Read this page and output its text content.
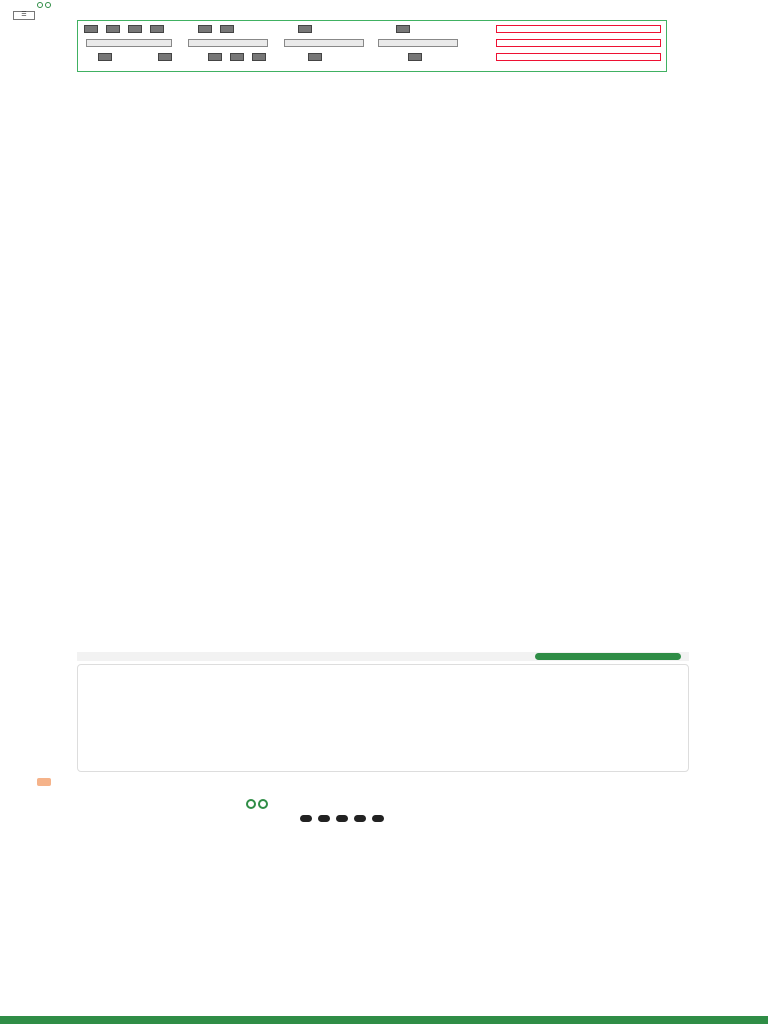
☰
